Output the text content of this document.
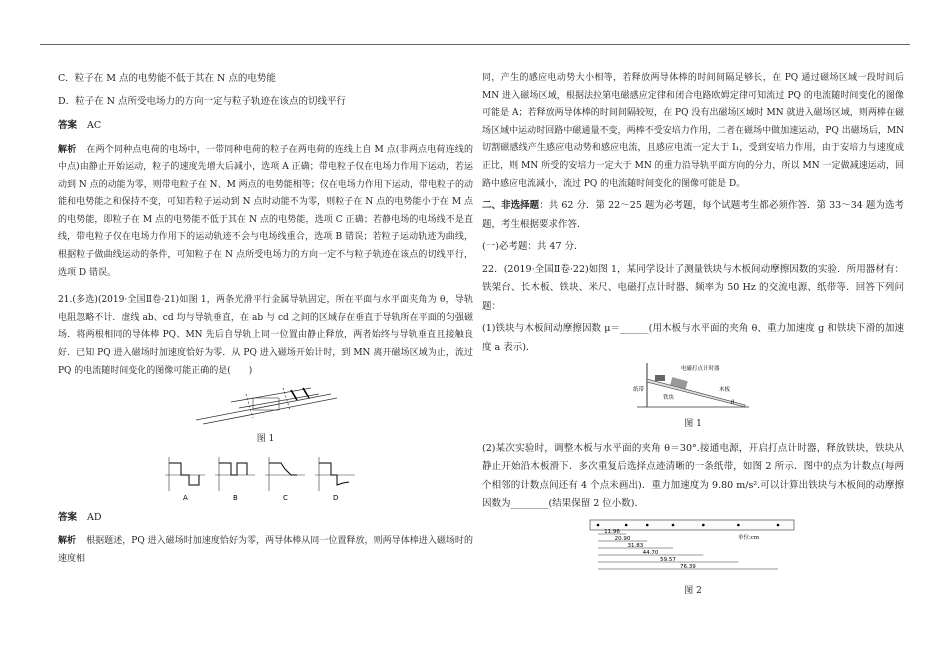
C．粒子在 M 点的电势能不低于其在 N 点的电势能

D．粒子在 N 点所受电场力的方向一定与粒子轨迹在该点的切线平行

答案 AC

解析 在两个同种点电荷的电场中，一带同种电荷的粒子在两电荷的连线上自 M 点(非两点电荷连线的中点)由静止开始运动，粒子的速度先增大后减小，选项 A 正确；带电粒子仅在电场力作用下运动，若运动到 N 点的动能为零，则带电粒子在 N、M 两点的电势能相等；仅在电场力作用下运动，带电粒子的动能和电势能之和保持不变，可知若粒子运动到 N 点时动能不为零，则粒子在 N 点的电势能小于在 M 点的电势能，即粒子在 M 点的电势能不低于其在 N 点的电势能，选项 C 正确；若静电场的电场线不是直线，带电粒子仅在电场力作用下的运动轨迹不会与电场线重合，选项 B 错误；若粒子运动轨迹为曲线，根据粒子做曲线运动的条件，可知粒子在 N 点所受电场力的方向一定不与粒子轨迹在该点的切线平行，选项 D 错误。

21.(多选)(2019·全国Ⅱ卷·21)如图 1，两条光滑平行金属导轨固定，所在平面与水平面夹角为 θ，导轨电阻忽略不计．虚线 ab、cd 均与导轨垂直，在 ab 与 cd 之间的区域存在垂直于导轨所在平面的匀强磁场．将两根相同的导体棒 PQ、MN 先后自导轨上同一位置由静止释放，两者始终与导轨垂直且接触良好．已知 PQ 进入磁场时加速度恰好为零．从 PQ 进入磁场开始计时，到 MN 离开磁场区域为止，流过 PQ 的电流随时间变化的图像可能正确的是(　　)

图 1
A	B	C	D

答案 AD

解析 根据题述，PQ 进入磁场时加速度恰好为零，两导体棒从同一位置释放，则两导体棒进入磁场时的速度相

同，产生的感应电动势大小相等，若释放两导体棒的时间间隔足够长，在 PQ 通过磁场区域一段时间后 MN 进入磁场区域，根据法拉第电磁感应定律和闭合电路欧姆定律可知流过 PQ 的电流随时间变化的图像可能是 A；若释放两导体棒的时间间隔较短，在 PQ 没有出磁场区域时 MN 就进入磁场区域，则两棒在磁场区域中运动时回路中磁通量不变，两棒不受安培力作用，二者在磁场中做加速运动，PQ 出磁场后，MN 切割磁感线产生感应电动势和感应电流，且感应电流一定大于 I₁，受到安培力作用，由于安培力与速度成正比，则 MN 所受的安培力一定大于 MN 的重力沿导轨平面方向的分力，所以 MN 一定做减速运动，回路中感应电流减小，流过 PQ 的电流随时间变化的图像可能是 D。

二、非选择题：共 62 分．第 22～25 题为必考题，每个试题考生都必须作答．第 33～34 题为选考题，考生根据要求作答．

(一)必考题：共 47 分．

22．(2019·全国Ⅱ卷·22)如图 1，某同学设计了测量铁块与木板间动摩擦因数的实验．所用器材有：铁架台、长木板、铁块、米尺、电磁打点计时器、频率为 50 Hz 的交流电源、纸带等．回答下列问题：

(1)铁块与木板间动摩擦因数 μ＝______(用木板与水平面的夹角 θ、重力加速度 g 和铁块下滑的加速度 a 表示)．

电磁打点计时器
纸带
铁块
木板
θ
图 1

(2)某次实验时，调整木板与水平面的夹角 θ＝30°.接通电源，开启打点计时器，释放铁块，铁块从静止开始沿木板滑下．多次重复后选择点迹清晰的一条纸带，如图 2 所示．图中的点为计数点(每两个相邻的计数点间还有 4 个点未画出)．重力加速度为 9.80 m/s².可以计算出铁块与木板间的动摩擦因数为________(结果保留 2 位小数)．

11.96
20.90
31.83
44.70
59.57
76.39
单位:cm
图 2
